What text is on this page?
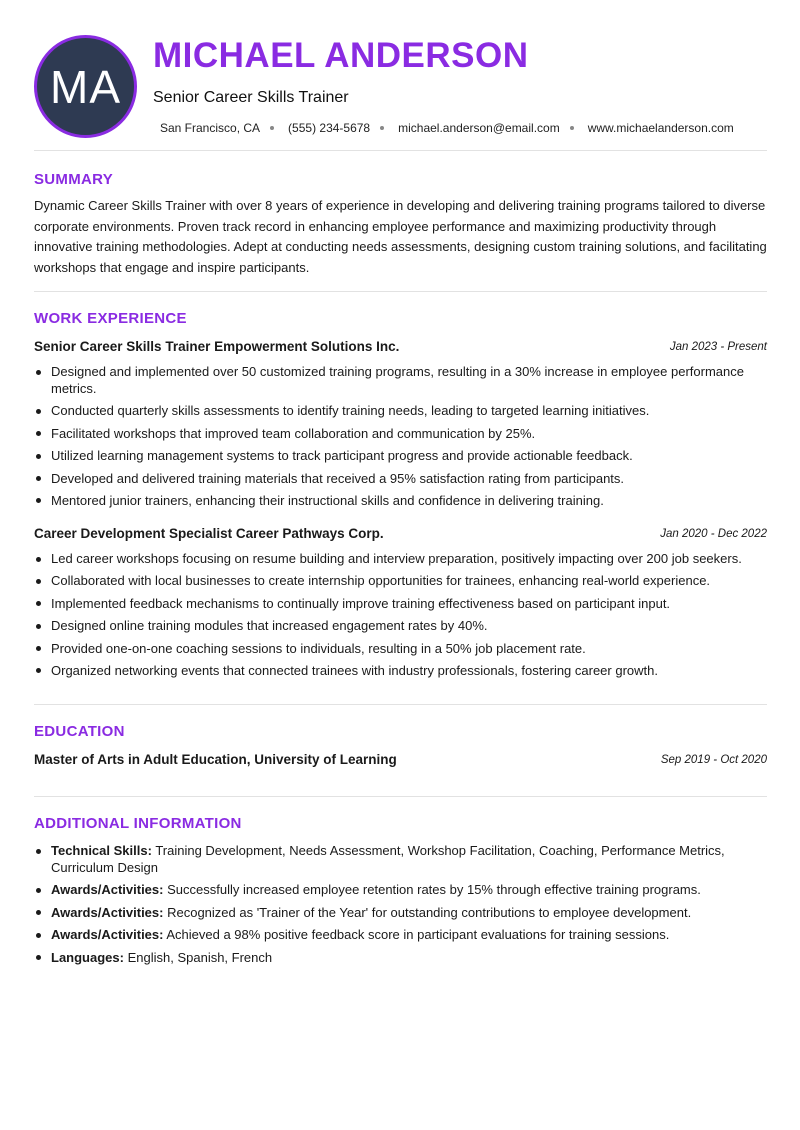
MA
MICHAEL ANDERSON
Senior Career Skills Trainer
San Francisco, CA (555) 234-5678 michael.anderson@email.com www.michaelanderson.com
SUMMARY

Dynamic Career Skills Trainer with over 8 years of experience in developing and delivering training programs tailored to diverse corporate environments. Proven track record in enhancing employee performance and maximizing productivity through innovative training methodologies. Adept at conducting needs assessments, designing custom training solutions, and facilitating workshops that engage and inspire participants.

WORK EXPERIENCE
Senior Career Skills Trainer Empowerment Solutions Inc.	Jan 2023 - Present
Designed and implemented over 50 customized training programs, resulting in a 30% increase in employee performance metrics.
Conducted quarterly skills assessments to identify training needs, leading to targeted learning initiatives.
Facilitated workshops that improved team collaboration and communication by 25%.
Utilized learning management systems to track participant progress and provide actionable feedback.
Developed and delivered training materials that received a 95% satisfaction rating from participants.
Mentored junior trainers, enhancing their instructional skills and confidence in delivering training.
Career Development Specialist Career Pathways Corp.	Jan 2020 - Dec 2022
Led career workshops focusing on resume building and interview preparation, positively impacting over 200 job seekers.
Collaborated with local businesses to create internship opportunities for trainees, enhancing real-world experience.
Implemented feedback mechanisms to continually improve training effectiveness based on participant input.
Designed online training modules that increased engagement rates by 40%.
Provided one-on-one coaching sessions to individuals, resulting in a 50% job placement rate.
Organized networking events that connected trainees with industry professionals, fostering career growth.
EDUCATION
Master of Arts in Adult Education, University of Learning	Sep 2019 - Oct 2020
ADDITIONAL INFORMATION
Technical Skills: Training Development, Needs Assessment, Workshop Facilitation, Coaching, Performance Metrics, Curriculum Design
Awards/Activities: Successfully increased employee retention rates by 15% through effective training programs.
Awards/Activities: Recognized as 'Trainer of the Year' for outstanding contributions to employee development.
Awards/Activities: Achieved a 98% positive feedback score in participant evaluations for training sessions.
Languages: English, Spanish, French
